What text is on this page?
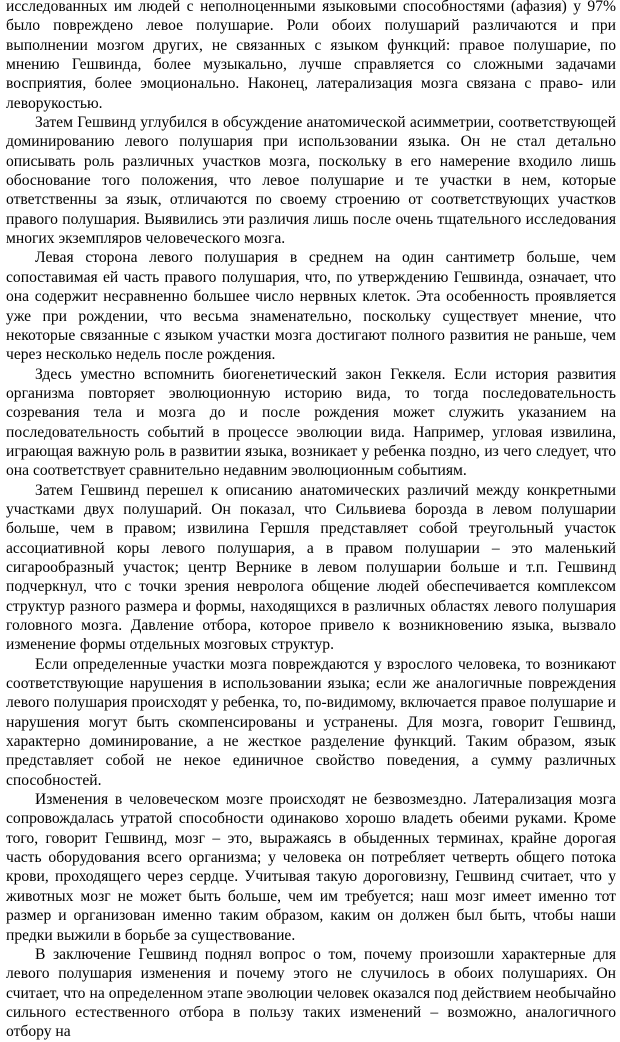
исследованных им людей с неполноценными языковыми способностями (афазия) у 97% было повреждено левое полушарие. Роли обоих полушарий различаются и при выполнении мозгом других, не связанных с языком функций: правое полушарие, по мнению Гешвинда, более музыкально, лучше справляется со сложными задачами восприятия, более эмоционально. Наконец, латерализация мозга связана с право- или леворукостью.

Затем Гешвинд углубился в обсуждение анатомической асимметрии, соответствующей доминированию левого полушария при использовании языка. Он не стал детально описывать роль различных участков мозга, поскольку в его намерение входило лишь обоснование того положения, что левое полушарие и те участки в нем, которые ответственны за язык, отличаются по своему строению от соответствующих участков правого полушария. Выявились эти различия лишь после очень тщательного исследования многих экземпляров человеческого мозга.

Левая сторона левого полушария в среднем на один сантиметр больше, чем сопоставимая ей часть правого полушария, что, по утверждению Гешвинда, означает, что она содержит несравненно большее число нервных клеток. Эта особенность проявляется уже при рождении, что весьма знаменательно, поскольку существует мнение, что некоторые связанные с языком участки мозга достигают полного развития не раньше, чем через несколько недель после рождения.

Здесь уместно вспомнить биогенетический закон Геккеля. Если история развития организма повторяет эволюционную историю вида, то тогда последовательность созревания тела и мозга до и после рождения может служить указанием на последовательность событий в процессе эволюции вида. Например, угловая извилина, играющая важную роль в развитии языка, возникает у ребенка поздно, из чего следует, что она соответствует сравнительно недавним эволюционным событиям.

Затем Гешвинд перешел к описанию анатомических различий между конкретными участками двух полушарий. Он показал, что Сильвиева борозда в левом полушарии больше, чем в правом; извилина Гершля представляет собой треугольный участок ассоциативной коры левого полушария, а в правом полушарии – это маленький сигарообразный участок; центр Вернике в левом полушарии больше и т.п. Гешвинд подчеркнул, что с точки зрения невролога общение людей обеспечивается комплексом структур разного размера и формы, находящихся в различных областях левого полушария головного мозга. Давление отбора, которое привело к возникновению языка, вызвало изменение формы отдельных мозговых структур.

Если определенные участки мозга повреждаются у взрослого человека, то возникают соответствующие нарушения в использовании языка; если же аналогичные повреждения левого полушария происходят у ребенка, то, по-видимому, включается правое полушарие и нарушения могут быть скомпенсированы и устранены. Для мозга, говорит Гешвинд, характерно доминирование, а не жесткое разделение функций. Таким образом, язык представляет собой не некое единичное свойство поведения, а сумму различных способностей.

Изменения в человеческом мозге происходят не безвозмездно. Латерализация мозга сопровождалась утратой способности одинаково хорошо владеть обеими руками. Кроме того, говорит Гешвинд, мозг – это, выражаясь в обыденных терминах, крайне дорогая часть оборудования всего организма; у человека он потребляет четверть общего потока крови, проходящего через сердце. Учитывая такую дороговизну, Гешвинд считает, что у животных мозг не может быть больше, чем им требуется; наш мозг имеет именно тот размер и организован именно таким образом, каким он должен был быть, чтобы наши предки выжили в борьбе за существование.

В заключение Гешвинд поднял вопрос о том, почему произошли характерные для левого полушария изменения и почему этого не случилось в обоих полушариях. Он считает, что на определенном этапе эволюции человек оказался под действием необычайно сильного естественного отбора в пользу таких изменений – возможно, аналогичного отбору на
